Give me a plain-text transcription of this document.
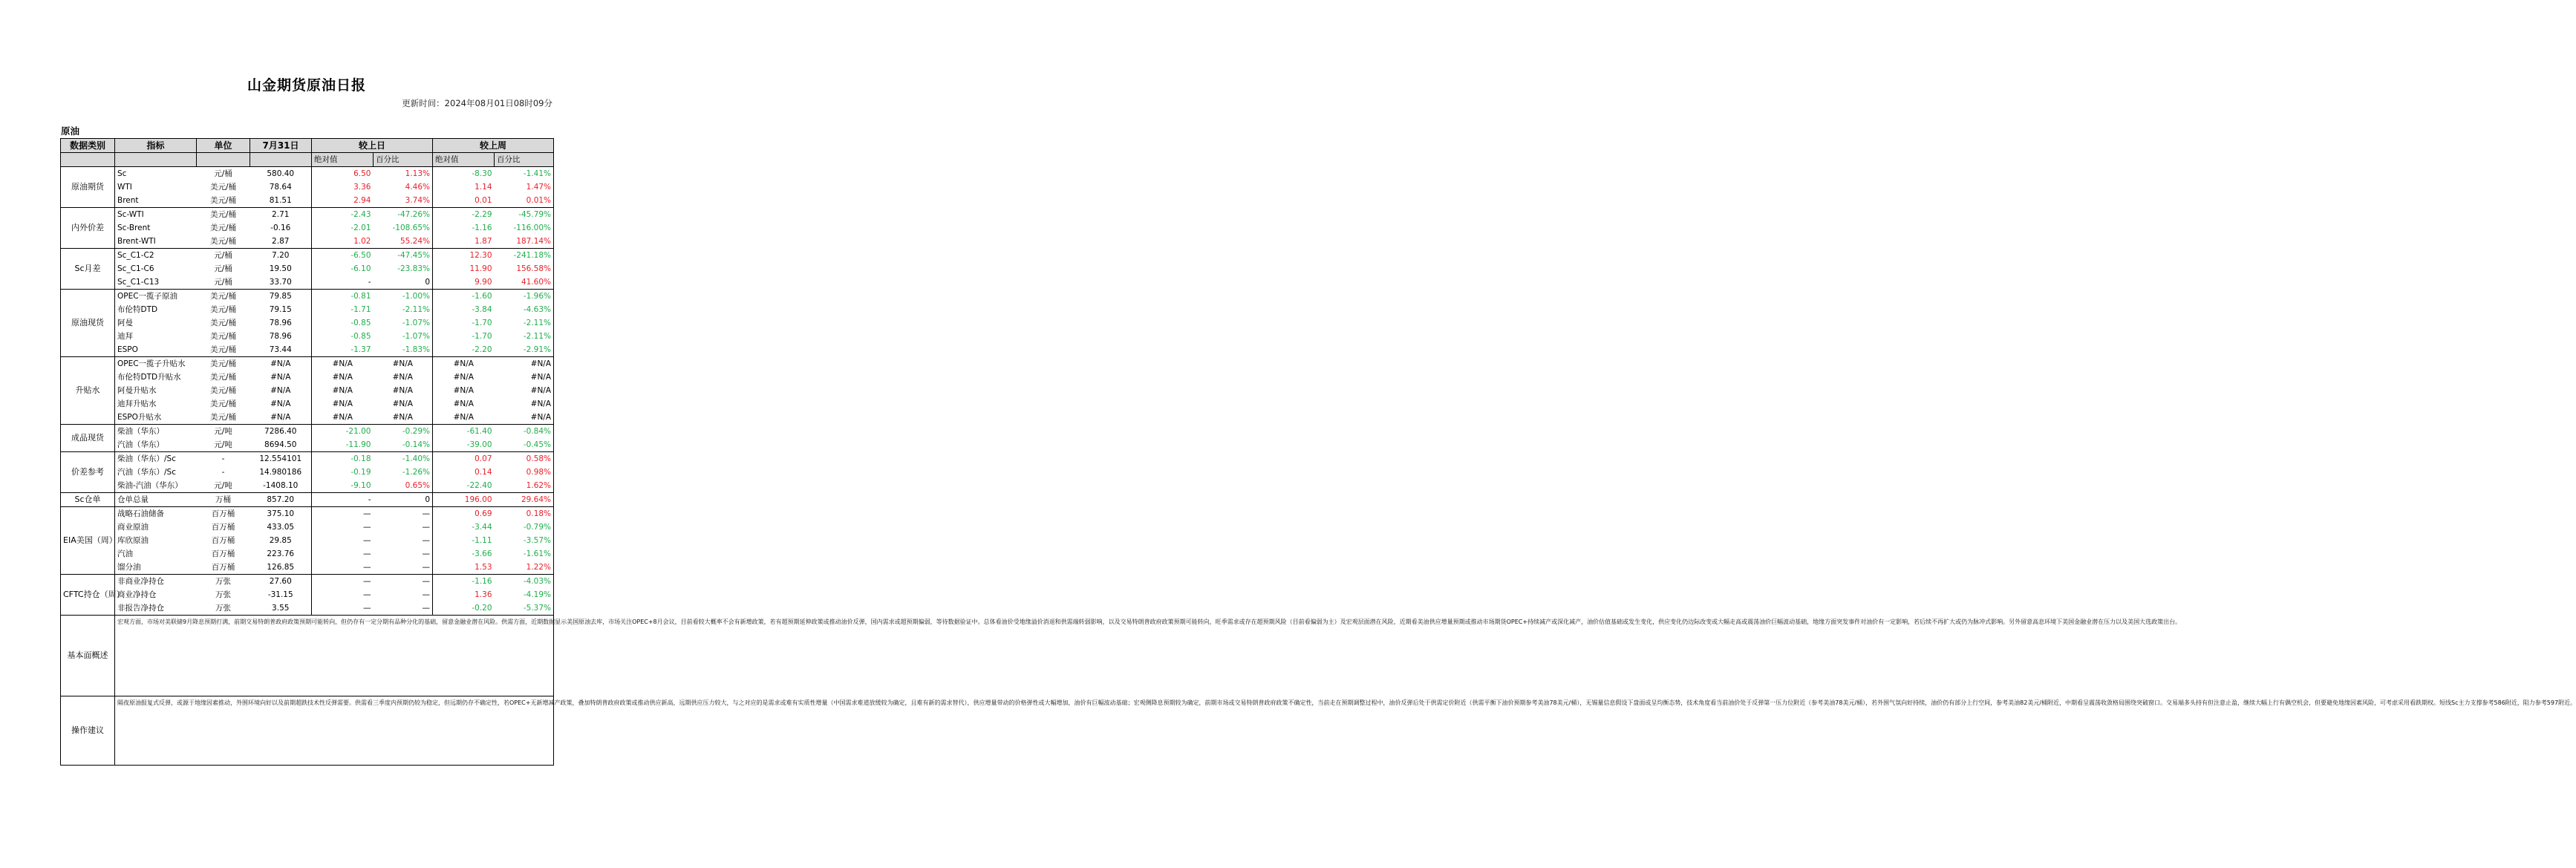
山金期货原油日报
更新时间：2024年08月01日08时09分
原油
数据类别	指标	单位	7月31日	较上日		较上周	
				绝对值	百分比	绝对值	百分比
原油期货	Sc	元/桶	580.40	6.50	1.13%	-8.30	-1.41%
	WTI	美元/桶	78.64	3.36	4.46%	1.14	1.47%
	Brent	美元/桶	81.51	2.94	3.74%	0.01	0.01%
内外价差	Sc-WTI	美元/桶	2.71	-2.43	-47.26%	-2.29	-45.79%
	Sc-Brent	美元/桶	-0.16	-2.01	-108.65%	-1.16	-116.00%
	Brent-WTI	美元/桶	2.87	1.02	55.24%	1.87	187.14%
Sc月差	Sc_C1-C2	元/桶	7.20	-6.50	-47.45%	12.30	-241.18%
	Sc_C1-C6	元/桶	19.50	-6.10	-23.83%	11.90	156.58%
	Sc_C1-C13	元/桶	33.70	-	0	9.90	41.60%
原油现货	OPEC一揽子原油	美元/桶	79.85	-0.81	-1.00%	-1.60	-1.96%
	布伦特DTD	美元/桶	79.15	-1.71	-2.11%	-3.84	-4.63%
	阿曼	美元/桶	78.96	-0.85	-1.07%	-1.70	-2.11%
	迪拜	美元/桶	78.96	-0.85	-1.07%	-1.70	-2.11%
	ESPO	美元/桶	73.44	-1.37	-1.83%	-2.20	-2.91%
升贴水	OPEC一揽子升贴水	美元/桶	#N/A	#N/A	#N/A	#N/A	#N/A
	布伦特DTD升贴水	美元/桶	#N/A	#N/A	#N/A	#N/A	#N/A
	阿曼升贴水	美元/桶	#N/A	#N/A	#N/A	#N/A	#N/A
	迪拜升贴水	美元/桶	#N/A	#N/A	#N/A	#N/A	#N/A
	ESPO升贴水	美元/桶	#N/A	#N/A	#N/A	#N/A	#N/A
成品现货	柴油（华东）	元/吨	7286.40	-21.00	-0.29%	-61.40	-0.84%
	汽油（华东）	元/吨	8694.50	-11.90	-0.14%	-39.00	-0.45%
价差参考	柴油（华东）/Sc	-	12.554101	-0.18	-1.40%	0.07	0.58%
	汽油（华东）/Sc	-	14.980186	-0.19	-1.26%	0.14	0.98%
	柴油-汽油（华东）	元/吨	-1408.10	-9.10	0.65%	-22.40	1.62%
Sc仓单	仓单总量	万桶	857.20	-	0	196.00	29.64%
EIA美国（周）	战略石油储备	百万桶	375.10	—	—	0.69	0.18%
	商业原油	百万桶	433.05	—	—	-3.44	-0.79%
	库欣原油	百万桶	29.85	—	—	-1.11	-3.57%
	汽油	百万桶	223.76	—	—	-3.66	-1.61%
	馏分油	百万桶	126.85	—	—	1.53	1.22%
CFTC持仓（周）	非商业净持仓	万张	27.60	—	—	-1.16	-4.03%
	商业净持仓	万张	-31.15	—	—	1.36	-4.19%
	非报告净持仓	万张	3.55	—	—	-0.20	-5.37%
基本面概述	宏观方面，市场对美联储9月降息预期打满，前期交易特朗普政府政策预期可能转向，但仍存有一定分期有品种分化的基础，留意金融业潜在风险。供需方面，近期数据显示美国原油去库，市场关注OPEC+8月会议，目前看较大概率不会有新增政策，若有超预期延伸政策或推动油价反弹，国内需求或超预期偏弱，等待数据验证中。总体看油价受地缘溢价消退和供需端转弱影响，以及交易特朗普政府政策预期可能转向，旺季需求或存在超预期风险（目前看偏弱为主）及宏观层面潜在风险，近期看美油供应增量预期或推动市场期货OPEC+持续减产或深化减产，油价估值基础或发生变化，供应变化仍边际改变或大幅走高或震荡油价巨幅波动基础，地缘方面突发事件对油价有一定影响，若后续不再扩大或仍为脉冲式影响。另外留意高息环境下美国金融业潜在压力以及美国大选政策出台。						
操作建议	隔夜原油报复式反弹，或源于地缘因素推动，外围环境向好以及前期超跌技术性反弹需要。供需看三季度内预期仍较为稳定，但远期仍存不确定性，若OPEC+无新增减产政策，叠加特朗普政府政策或推动供应新高，远期供应压力较大，与之对应的是需求或难有实质性增量（中国需求难道放缓较为确定，且难有新的需求替代），供应增量带动的价格弹性或大幅增加，油价有巨幅波动基础；宏观侧降息预期较为确定，前期市场或交易特朗普政府政策不确定性，当前走在预期调整过程中，油价反弹后处于供需定价附近（供需平衡下油价预期参考美油78美元/桶），无锡量信息假设下盘面或呈均衡态势，技术角度看当前油价处于反弹第一压力位附近（参考美油78美元/桶），若外围气氛向好持续，油价仍有部分上行空间，参考美油82美元/桶附近，中期看呈震荡收敛格局围绕突破窗口。交易端多头持有但注意止盈，继续大幅上行有偶空机会，但要避免地缘因素风险，可考虑采用看跌期权。短线Sc主力支撑参考586附近，阻力参考597附近。						
